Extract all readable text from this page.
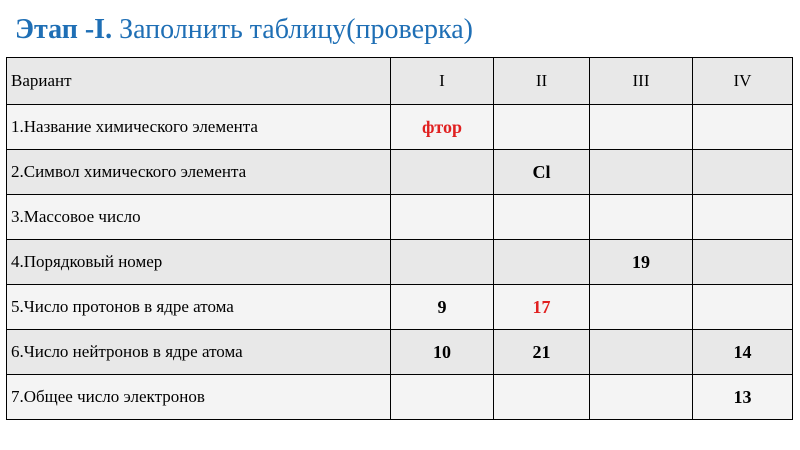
Этап -I. Заполнить таблицу(проверка)
Вариант	I	II	III	IV
1.Название химического элемента	фтор			
2.Символ химического элемента		Cl		
3.Массовое число				
4.Порядковый номер			19	
5.Число протонов в ядре атома	9	17		
6.Число нейтронов в ядре атома	10	21		14
7.Общее число электронов				13
